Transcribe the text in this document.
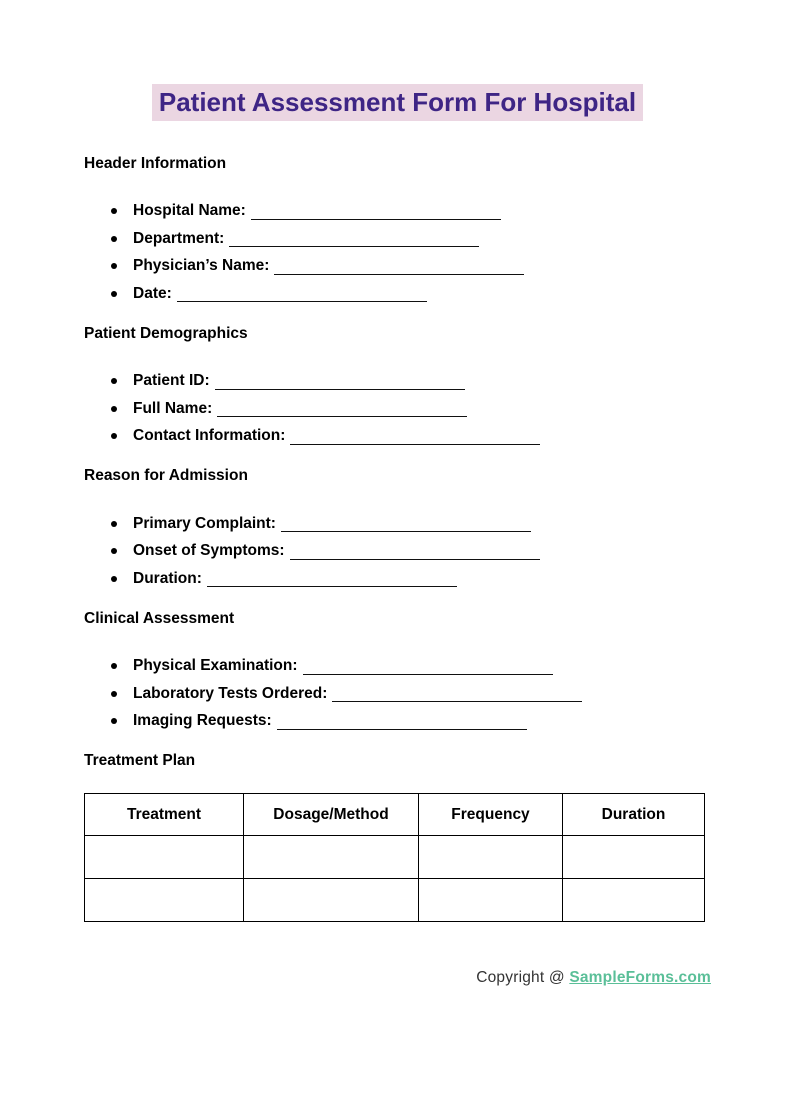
Patient Assessment Form For Hospital
Header Information
Hospital Name:
Department:
Physician’s Name:
Date:
Patient Demographics
Patient ID:
Full Name:
Contact Information:
Reason for Admission
Primary Complaint:
Onset of Symptoms:
Duration:
Clinical Assessment
Physical Examination:
Laboratory Tests Ordered:
Imaging Requests:
Treatment Plan
Treatment	Dosage/Method	Frequency	Duration

Copyright @ SampleForms.com
